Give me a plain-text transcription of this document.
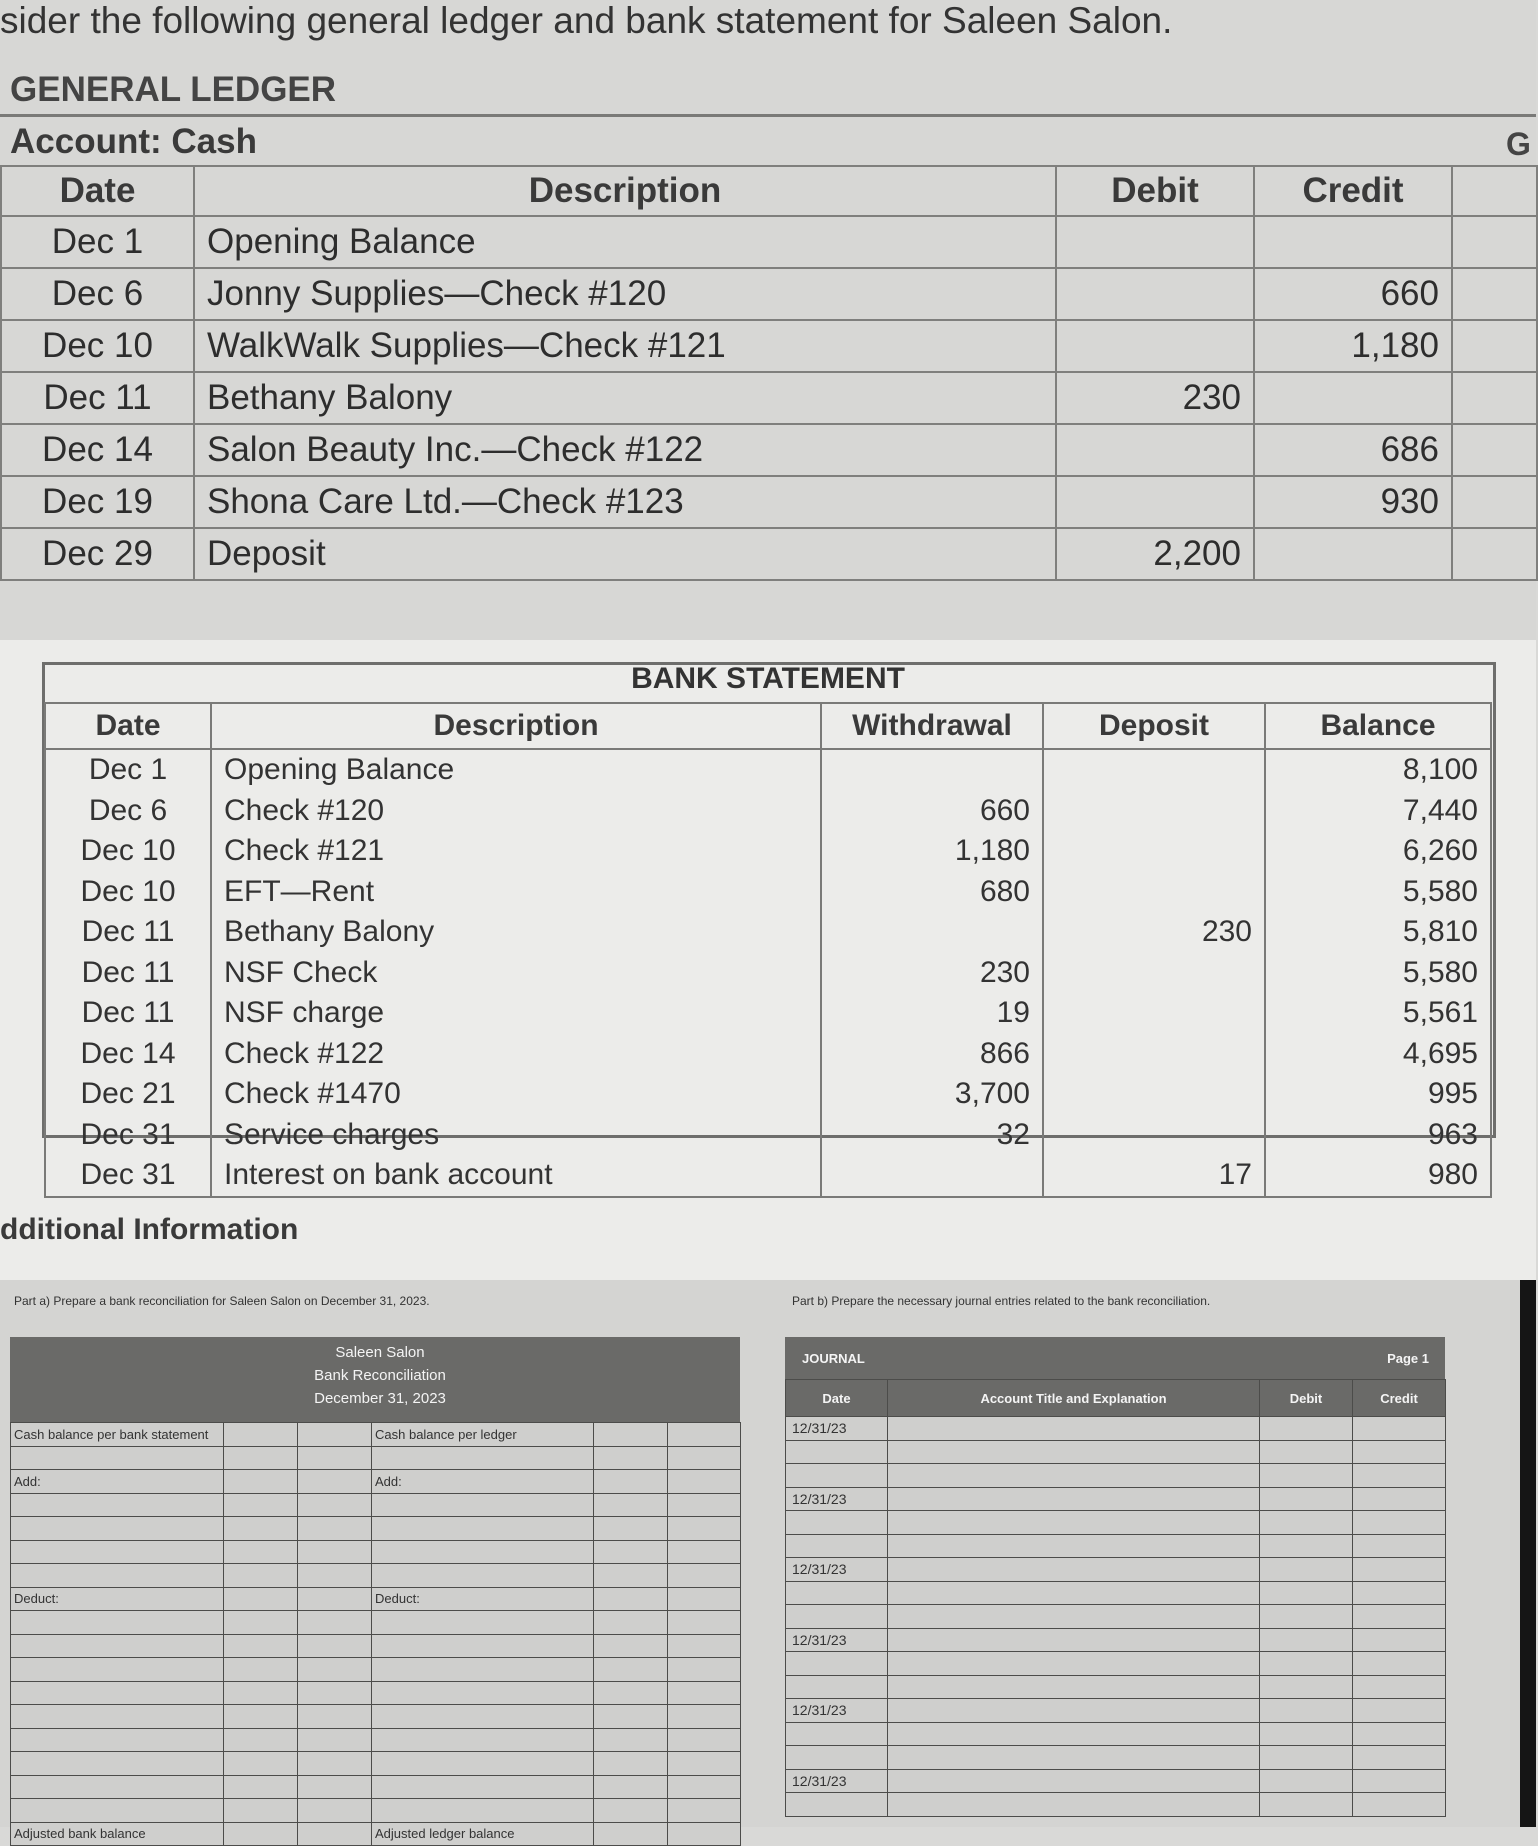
sider the following general ledger and bank statement for Saleen Salon.
GENERAL LEDGER
Account: Cash	G
Date	Description	Debit	Credit	
Dec 1	Opening Balance			
Dec 6	Jonny Supplies—Check #120		660	
Dec 10	WalkWalk Supplies—Check #121		1,180	
Dec 11	Bethany Balony	230		
Dec 14	Salon Beauty Inc.—Check #122		686	
Dec 19	Shona Care Ltd.—Check #123		930	
Dec 29	Deposit	2,200		
BANK STATEMENT
Date	Description	Withdrawal	Deposit	Balance
Dec 1	Opening Balance			8,100
Dec 6	Check #120	660		7,440
Dec 10	Check #121	1,180		6,260
Dec 10	EFT—Rent	680		5,580
Dec 11	Bethany Balony		230	5,810
Dec 11	NSF Check	230		5,580
Dec 11	NSF charge	19		5,561
Dec 14	Check #122	866		4,695
Dec 21	Check #1470	3,700		995
Dec 31	Service charges	32		963
Dec 31	Interest on bank account		17	980
dditional Information
Part a) Prepare a bank reconciliation for Saleen Salon on December 31, 2023.	Part b) Prepare the necessary journal entries related to the bank reconciliation.
Saleen Salon
Bank Reconciliation
December 31, 2023
Cash balance per bank statement			Cash balance per ledger		

Add:			Add:		

Deduct:			Deduct:		

Adjusted bank balance			Adjusted ledger balance		
JOURNAL	Page 1
Date	Account Title and Explanation	Debit	Credit
12/31/23			

12/31/23			

12/31/23			

12/31/23			

12/31/23			

12/31/23			
